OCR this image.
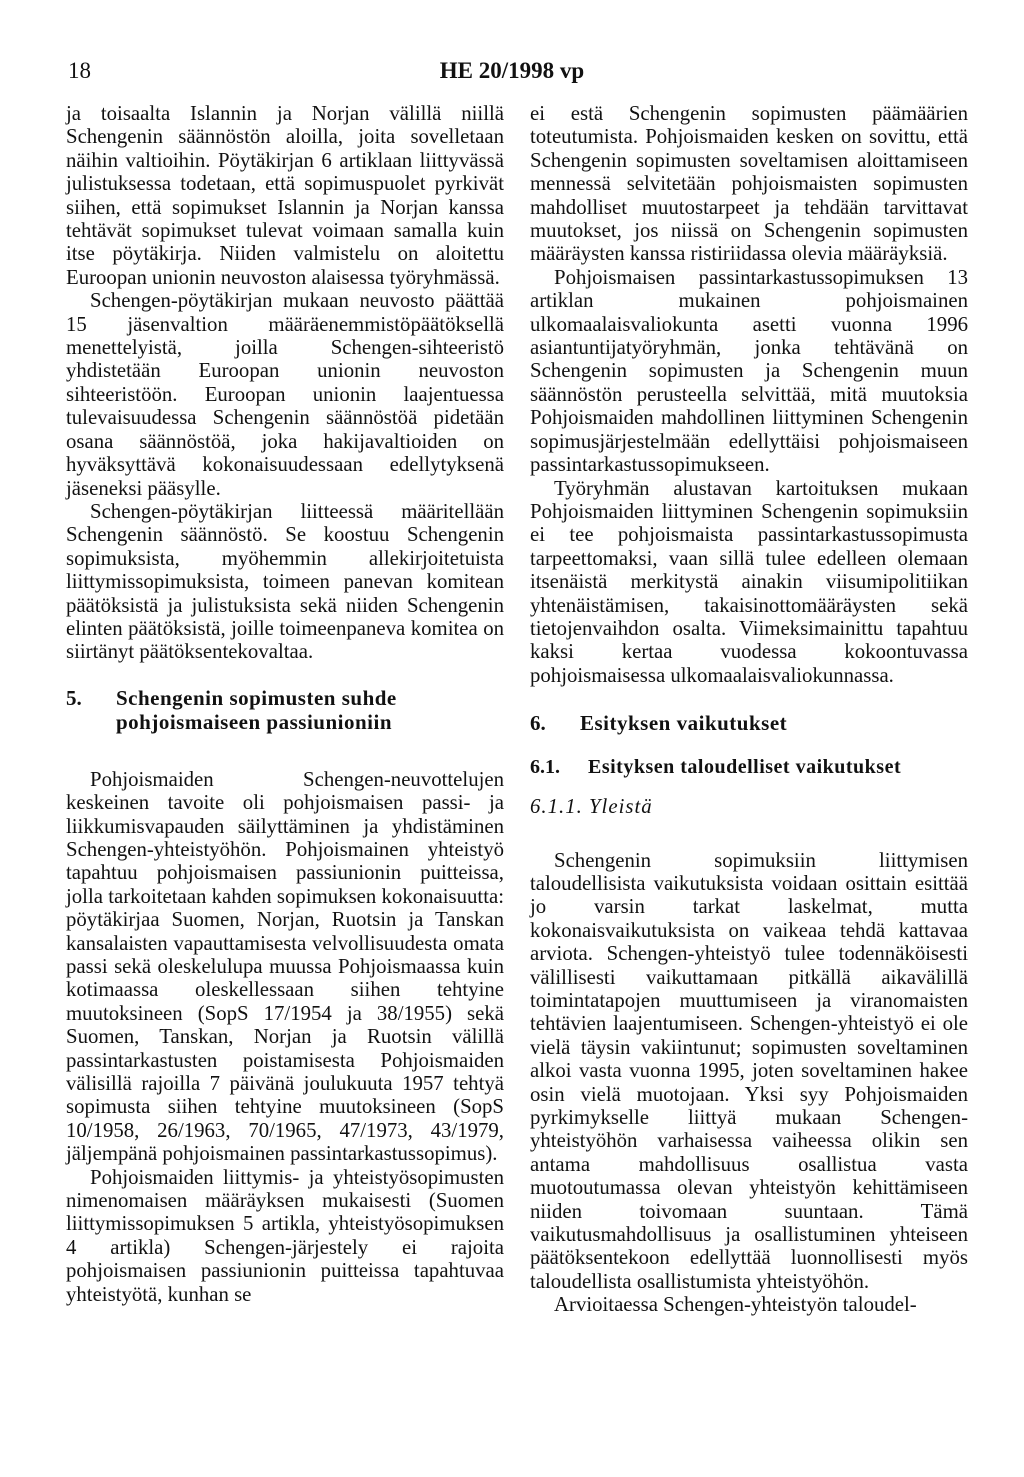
18	HE 20/1998 vp

ja toisaalta Islannin ja Norjan välillä niillä Schengenin säännöstön aloilla, joita sovelletaan näihin valtioihin. Pöytäkirjan 6 artiklaan liittyvässä julistuksessa todetaan, että sopimuspuolet pyrkivät siihen, että sopimukset Islannin ja Norjan kanssa tehtävät sopimukset tulevat voimaan samalla kuin itse pöytäkirja. Niiden valmistelu on aloitettu Euroopan unionin neuvoston alaisessa työryhmässä.

Schengen-pöytäkirjan mukaan neuvosto päättää 15 jäsenvaltion määräenemmistöpäätöksellä menettelyistä, joilla Schengen-sihteeristö yhdistetään Euroopan unionin neuvoston sihteeristöön. Euroopan unionin laajentuessa tulevaisuudessa Schengenin säännöstöä pidetään osana säännöstöä, joka hakijavaltioiden on hyväksyttävä kokonaisuudessaan edellytyksenä jäseneksi pääsylle.

Schengen-pöytäkirjan liitteessä määritellään Schengenin säännöstö. Se koostuu Schengenin sopimuksista, myöhemmin allekirjoitetuista liittymissopimuksista, toimeen panevan komitean päätöksistä ja julistuksista sekä niiden Schengenin elinten päätöksistä, joille toimeenpaneva komitea on siirtänyt päätöksentekovaltaa.

5.	Schengenin sopimusten suhde pohjoismaiseen passiunioniin

Pohjoismaiden Schengen-neuvottelujen keskeinen tavoite oli pohjoismaisen passi- ja liikkumisvapauden säilyttäminen ja yhdistäminen Schengen-yhteistyöhön. Pohjoismainen yhteistyö tapahtuu pohjoismaisen passiunionin puitteissa, jolla tarkoitetaan kahden sopimuksen kokonaisuutta: pöytäkirjaa Suomen, Norjan, Ruotsin ja Tanskan kansalaisten vapauttamisesta velvollisuudesta omata passi sekä oleskelulupa muussa Pohjoismaassa kuin kotimaassa oleskellessaan siihen tehtyine muutoksineen (SopS 17/1954 ja 38/1955) sekä Suomen, Tanskan, Norjan ja Ruotsin välillä passintarkastusten poistamisesta Pohjoismaiden välisillä rajoilla 7 päivänä joulukuuta 1957 tehtyä sopimusta siihen tehtyine muutoksineen (SopS 10/1958, 26/1963, 70/1965, 47/1973, 43/1979, jäljempänä pohjoismainen passintarkastussopimus).

Pohjoismaiden liittymis- ja yhteistyösopimusten nimenomaisen määräyksen mukaisesti (Suomen liittymissopimuksen 5 artikla, yhteistyösopimuksen 4 artikla) Schengen-järjestely ei rajoita pohjoismaisen passiunionin puitteissa tapahtuvaa yhteistyötä, kunhan se

ei estä Schengenin sopimusten päämäärien toteutumista. Pohjoismaiden kesken on sovittu, että Schengenin sopimusten soveltamisen aloittamiseen mennessä selvitetään pohjoismaisten sopimusten mahdolliset muutostarpeet ja tehdään tarvittavat muutokset, jos niissä on Schengenin sopimusten määräysten kanssa ristiriidassa olevia määräyksiä.

Pohjoismaisen passintarkastussopimuksen 13 artiklan mukainen pohjoismainen ulkomaalaisvaliokunta asetti vuonna 1996 asiantuntijatyöryhmän, jonka tehtävänä on Schengenin sopimusten ja Schengenin muun säännöstön perusteella selvittää, mitä muutoksia Pohjoismaiden mahdollinen liittyminen Schengenin sopimusjärjestelmään edellyttäisi pohjoismaiseen passintarkastussopimukseen.

Työryhmän alustavan kartoituksen mukaan Pohjoismaiden liittyminen Schengenin sopimuksiin ei tee pohjoismaista passintarkastussopimusta tarpeettomaksi, vaan sillä tulee edelleen olemaan itsenäistä merkitystä ainakin viisumipolitiikan yhtenäistämisen, takaisinottomääräysten sekä tietojenvaihdon osalta. Viimeksimainittu tapahtuu kaksi kertaa vuodessa kokoontuvassa pohjoismaisessa ulkomaalaisvaliokunnassa.

6.	Esityksen vaikutukset
6.1.	Esityksen taloudelliset vaikutukset
6.1.1. Yleistä

Schengenin sopimuksiin liittymisen taloudellisista vaikutuksista voidaan osittain esittää jo varsin tarkat laskelmat, mutta kokonaisvaikutuksista on vaikeaa tehdä kattavaa arviota. Schengen-yhteistyö tulee todennäköisesti välillisesti vaikuttamaan pitkällä aikavälillä toimintatapojen muuttumiseen ja viranomaisten tehtävien laajentumiseen. Schengen-yhteistyö ei ole vielä täysin vakiintunut; sopimusten soveltaminen alkoi vasta vuonna 1995, joten soveltaminen hakee osin vielä muotojaan. Yksi syy Pohjoismaiden pyrkimykselle liittyä mukaan Schengen-yhteistyöhön varhaisessa vaiheessa olikin sen antama mahdollisuus osallistua vasta muotoutumassa olevan yhteistyön kehittämiseen niiden toivomaan suuntaan. Tämä vaikutusmahdollisuus ja osallistuminen yhteiseen päätöksentekoon edellyttää luonnollisesti myös taloudellista osallistumista yhteistyöhön.

Arvioitaessa Schengen-yhteistyön taloudel-
